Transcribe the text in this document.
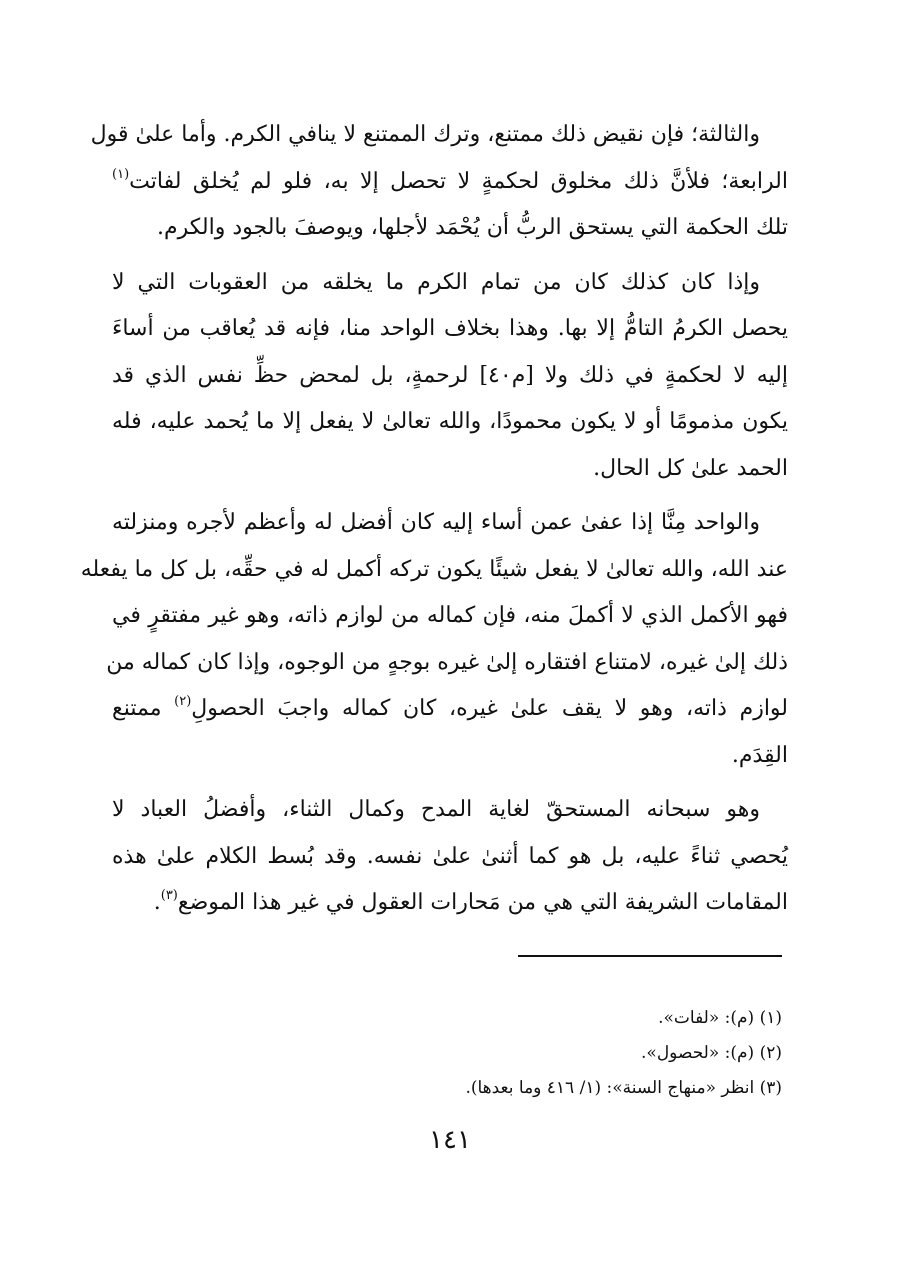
والثالثة؛ فإن نقيض ذلك ممتنع، وترك الممتنع لا ينافي الكرم. وأما علىٰ قول
الرابعة؛ فلأنَّ ذلك مخلوق لحكمةٍ لا تحصل إلا به، فلو لم يُخلق لفاتت$^{(١)}$
تلك الحكمة التي يستحق الربُّ أن يُحْمَد لأجلها، ويوصفَ بالجود والكرم.
وإذا كان كذلك كان من تمام الكرم ما يخلقه من العقوبات التي لا
يحصل الكرمُ التامُّ إلا بها. وهذا بخلاف الواحد منا، فإنه قد يُعاقب من أساءَ
إليه لا لحكمةٍ في ذلك ولا [م٤٠] لرحمةٍ، بل لمحض حظِّ نفس الذي قد
يكون مذمومًا أو لا يكون محمودًا، والله تعالىٰ لا يفعل إلا ما يُحمد عليه، فله
الحمد علىٰ كل الحال.
والواحد مِنَّا إذا عفىٰ عمن أساء إليه كان أفضل له وأعظم لأجره ومنزلته
عند الله، والله تعالىٰ لا يفعل شيئًا يكون تركه أكمل له في حقِّه، بل كل ما يفعله
فهو الأكمل الذي لا أكملَ منه، فإن كماله من لوازم ذاته، وهو غير مفتقرٍ في
ذلك إلىٰ غيره، لامتناع افتقاره إلىٰ غيره بوجهٍ من الوجوه، وإذا كان كماله من
لوازم ذاته، وهو لا يقف علىٰ غيره، كان كماله واجبَ الحصولِ$^{(٢)}$ ممتنع
القِدَم.
وهو سبحانه المستحقّ لغاية المدح وكمال الثناء، وأفضلُ العباد لا
يُحصي ثناءً عليه، بل هو كما أثنىٰ علىٰ نفسه. وقد بُسط الكلام علىٰ هذه
المقامات الشريفة التي هي من مَحارات العقول في غير هذا الموضع$^{(٣)}$.
(١) (م): «لفات».
(٢) (م): «لحصول».
(٣) انظر «منهاج السنة»: (١/ ٤١٦ وما بعدها).
١٤١
